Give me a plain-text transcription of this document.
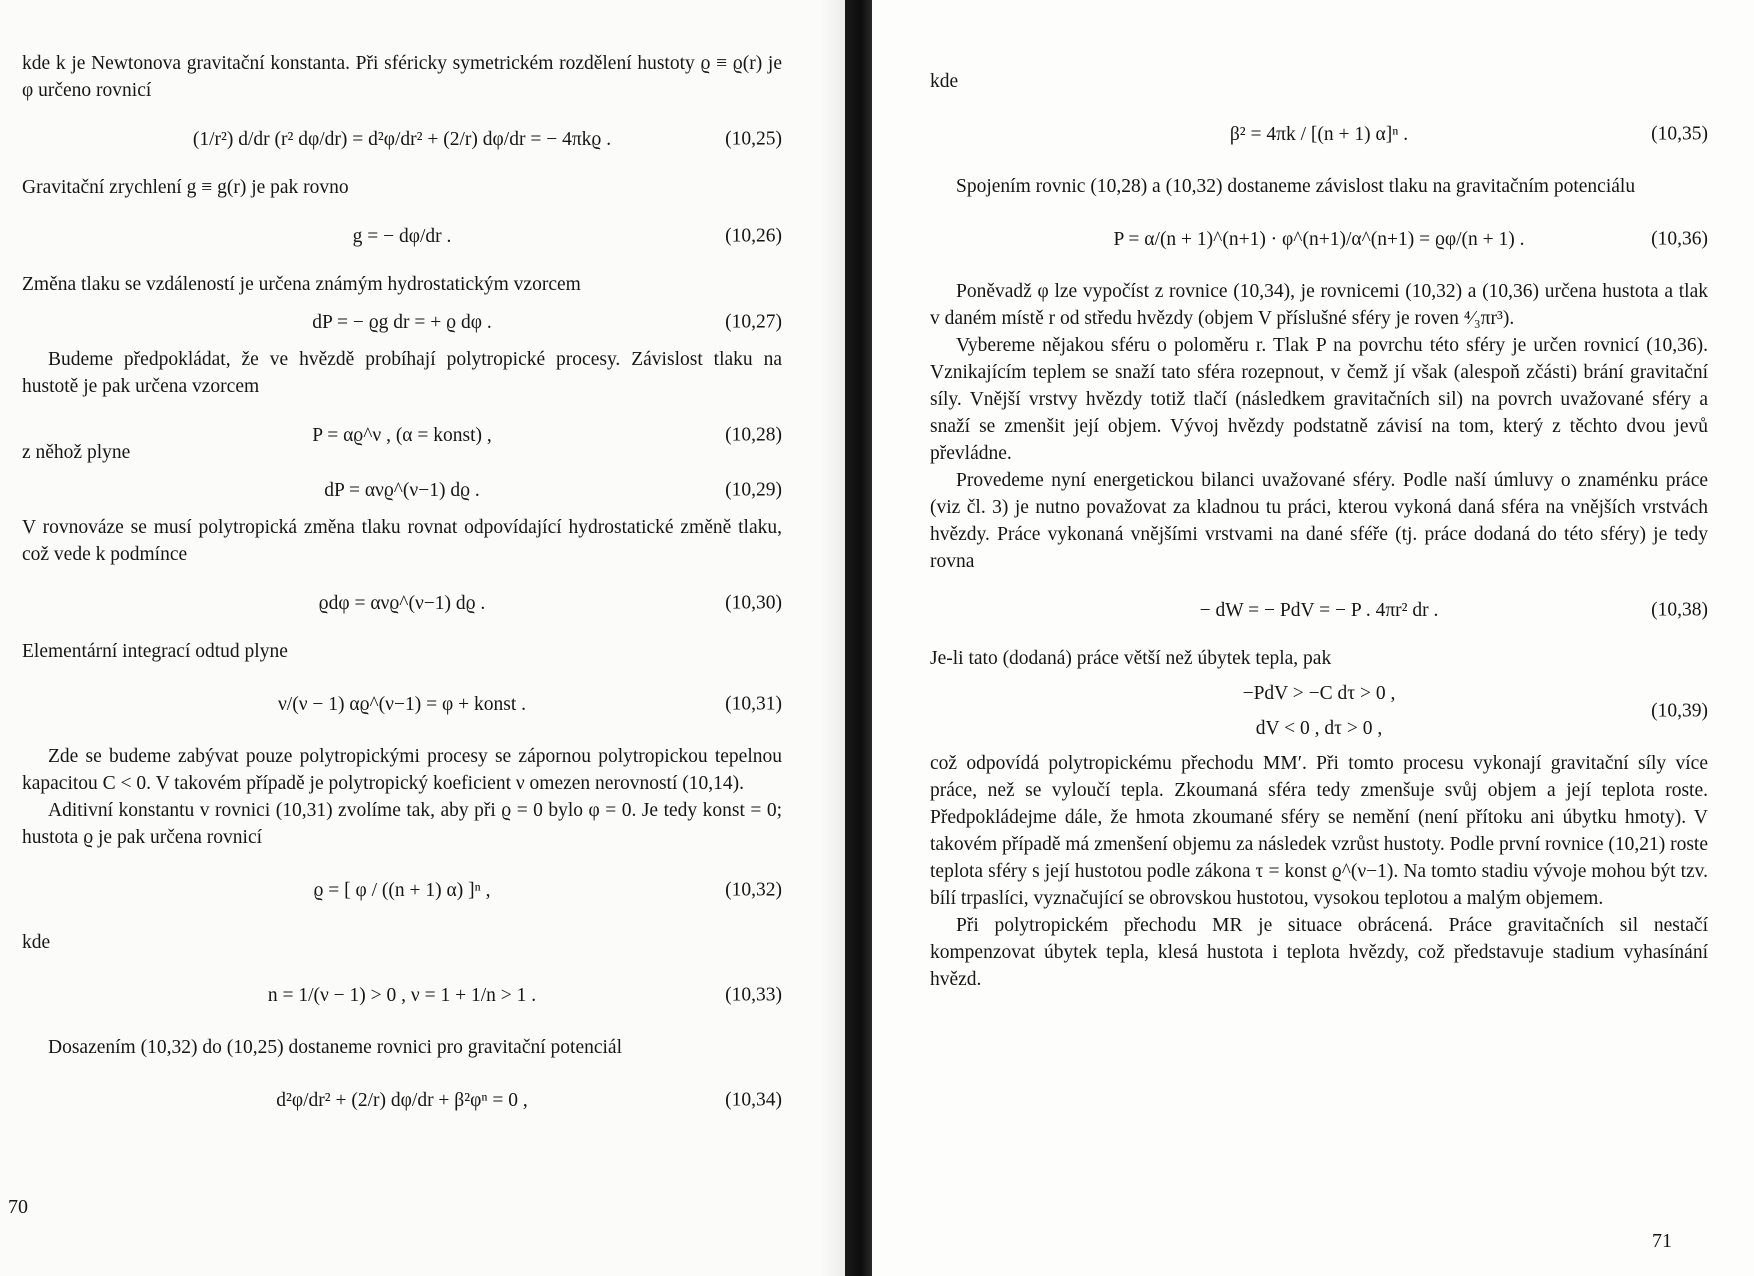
kde k je Newtonova gravitační konstanta. Při sféricky symetrickém rozdělení hustoty ϱ ≡ ϱ(r) je φ určeno rovnicí

(1/r²) d/dr (r² dφ/dr) = d²φ/dr² + (2/r) dφ/dr = − 4πkϱ .	(10,25)

Gravitační zrychlení g ≡ g(r) je pak rovno

g = − dφ/dr .	(10,26)

Změna tlaku se vzdáleností je určena známým hydrostatickým vzorcem

dP = − ϱg dr = + ϱ dφ .	(10,27)

Budeme předpokládat, že ve hvězdě probíhají polytropické procesy. Závislost tlaku na hustotě je pak určena vzorcem

P = αϱ^ν , (α = konst) ,	(10,28)
z něhož plyne
dP = ανϱ^(ν−1) dϱ .	(10,29)

V rovnováze se musí polytropická změna tlaku rovnat odpovídající hydrostatické změně tlaku, což vede k podmínce

ϱdφ = ανϱ^(ν−1) dϱ .	(10,30)

Elementární integrací odtud plyne

ν/(ν − 1) αϱ^(ν−1) = φ + konst .	(10,31)

Zde se budeme zabývat pouze polytropickými procesy se zápornou polytropickou tepelnou kapacitou C < 0. V takovém případě je polytropický koeficient ν omezen nerovností (10,14).

Aditivní konstantu v rovnici (10,31) zvolíme tak, aby při ϱ = 0 bylo φ = 0. Je tedy konst = 0; hustota ϱ je pak určena rovnicí

ϱ = [ φ / ((n + 1) α) ]ⁿ ,	(10,32)

kde

n = 1/(ν − 1) > 0 , ν = 1 + 1/n > 1 .	(10,33)

Dosazením (10,32) do (10,25) dostaneme rovnici pro gravitační potenciál

d²φ/dr² + (2/r) dφ/dr + β²φⁿ = 0 ,	(10,34)
70

kde

β² = 4πk / [(n + 1) α]ⁿ .	(10,35)

Spojením rovnic (10,28) a (10,32) dostaneme závislost tlaku na gravitačním potenciálu

P = α/(n + 1)^(n+1) · φ^(n+1)/α^(n+1) = ϱφ/(n + 1) .	(10,36)

Poněvadž φ lze vypočíst z rovnice (10,34), je rovnicemi (10,32) a (10,36) určena hustota a tlak v daném místě r od středu hvězdy (objem V příslušné sféry je roven ⁴⁄₃πr³).

Vybereme nějakou sféru o poloměru r. Tlak P na povrchu této sféry je určen rovnicí (10,36). Vznikajícím teplem se snaží tato sféra rozepnout, v čemž jí však (alespoň zčásti) brání gravitační síly. Vnější vrstvy hvězdy totiž tlačí (následkem gravitačních sil) na povrch uvažované sféry a snaží se zmenšit její objem. Vývoj hvězdy podstatně závisí na tom, který z těchto dvou jevů převládne.

Provedeme nyní energetickou bilanci uvažované sféry. Podle naší úmluvy o znaménku práce (viz čl. 3) je nutno považovat za kladnou tu práci, kterou vykoná daná sféra na vnějších vrstvách hvězdy. Práce vykonaná vnějšími vrstvami na dané sféře (tj. práce dodaná do této sféry) je tedy rovna

− dW = − PdV = − P . 4πr² dr .	(10,38)

Je-li tato (dodaná) práce větší než úbytek tepla, pak

−PdV > −C dτ > 0 ,
dV < 0 , dτ > 0 ,
(10,39)

což odpovídá polytropickému přechodu MM′. Při tomto procesu vykonají gravitační síly více práce, než se vyloučí tepla. Zkoumaná sféra tedy zmenšuje svůj objem a její teplota roste. Předpokládejme dále, že hmota zkoumané sféry se nemění (není přítoku ani úbytku hmoty). V takovém případě má zmenšení objemu za následek vzrůst hustoty. Podle první rovnice (10,21) roste teplota sféry s její hustotou podle zákona τ = konst ϱ^(ν−1). Na tomto stadiu vývoje mohou být tzv. bílí trpaslíci, vyznačující se obrovskou hustotou, vysokou teplotou a malým objemem.

Při polytropickém přechodu MR je situace obrácená. Práce gravitačních sil nestačí kompenzovat úbytek tepla, klesá hustota i teplota hvězdy, což představuje stadium vyhasínání hvězd.

71
